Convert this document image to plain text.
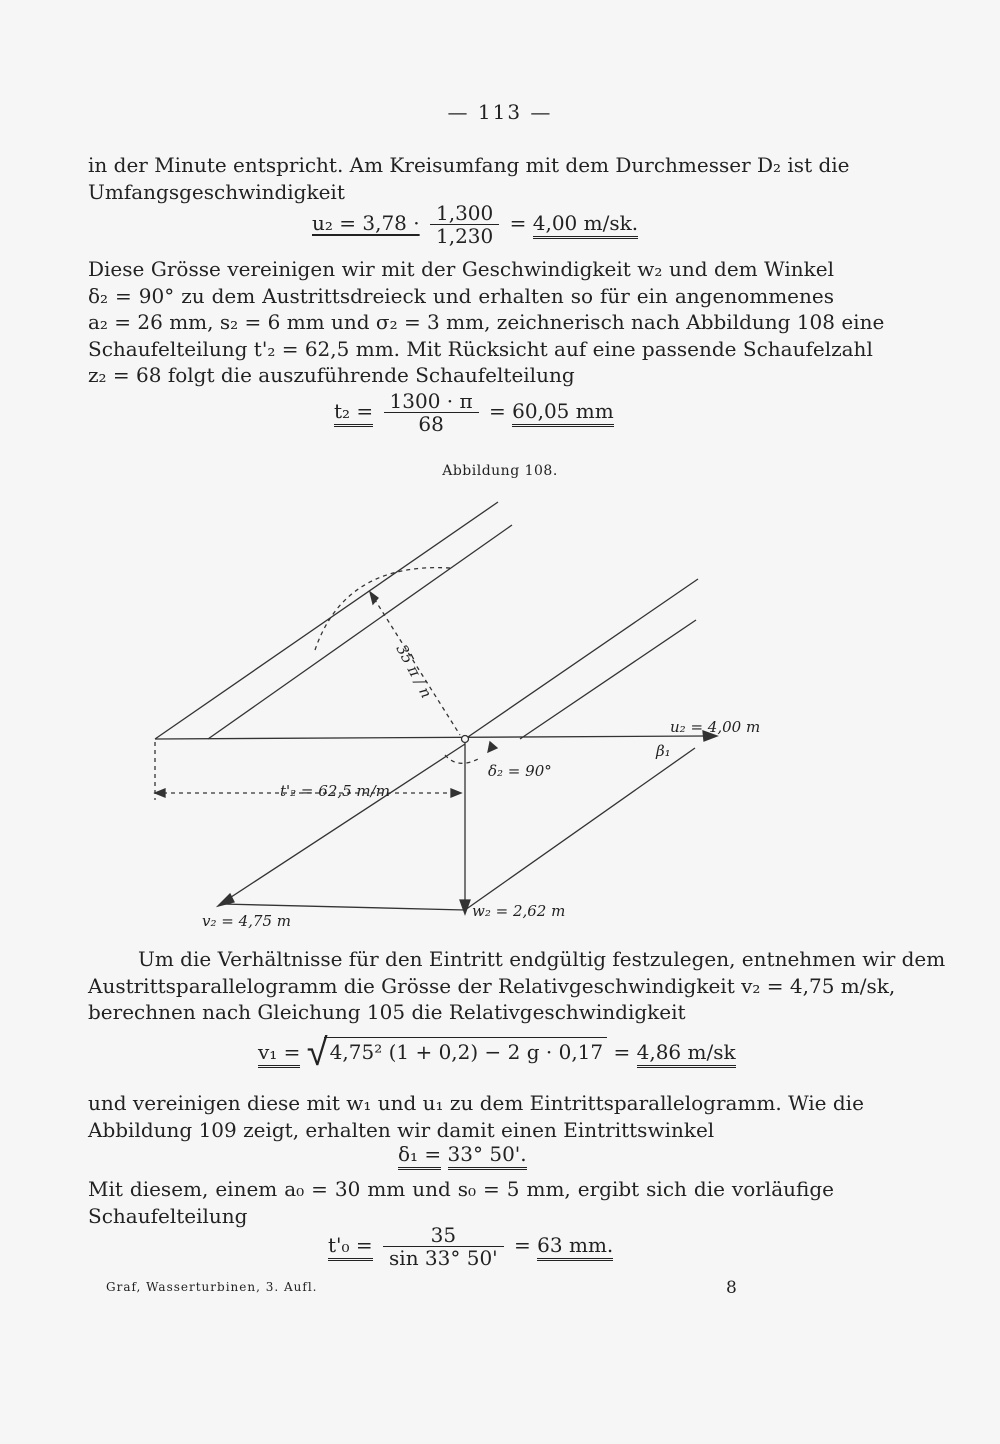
— 113 —
in der Minute entspricht. Am Kreisumfang mit dem Durchmesser D₂ ist die
Umfangsgeschwindigkeit
$u_2 = 3,78 \cdot \frac{1,300}{1,230} = 4,00$ m/sk.
Diese Grösse vereinigen wir mit der Geschwindigkeit w₂ und dem Winkel
δ₂ = 90° zu dem Austrittsdreieck und erhalten so für ein angenommenes
a₂ = 26 mm, s₂ = 6 mm und σ₂ = 3 mm, zeichnerisch nach Abbildung 108 eine
Schaufelteilung t'₂ = 62,5 mm. Mit Rücksicht auf eine passende Schaufelzahl
z₂ = 68 folgt die auszuführende Schaufelteilung
$t_2 = \frac{1300 \cdot \pi}{68} = 60,05$ mm
Abbildung 108.
u₂ = 4,00 m
β₁
δ₂ = 90°
35 π / n
t'₂ = 62,5 m/m
v₂ = 4,75 m
w₂ = 2,62 m
Um die Verhältnisse für den Eintritt endgültig festzulegen, entnehmen wir dem
Austrittsparallelogramm die Grösse der Relativgeschwindigkeit v₂ = 4,75 m/sk,
berechnen nach Gleichung 105 die Relativgeschwindigkeit
v₁ = √ 4,75² (1 + 0,2) − 2 g · 0,17 = 4,86 m/sk
und vereinigen diese mit w₁ und u₁ zu dem Eintrittsparallelogramm. Wie die
Abbildung 109 zeigt, erhalten wir damit einen Eintrittswinkel
δ₁ = 33° 50'.
Mit diesem, einem a₀ = 30 mm und s₀ = 5 mm, ergibt sich die vorläufige
Schaufelteilung
$t'_0 = \frac{35}{\sin 33^\circ 50'} = 63$ mm.
Graf, Wasserturbinen, 3. Aufl.	8
